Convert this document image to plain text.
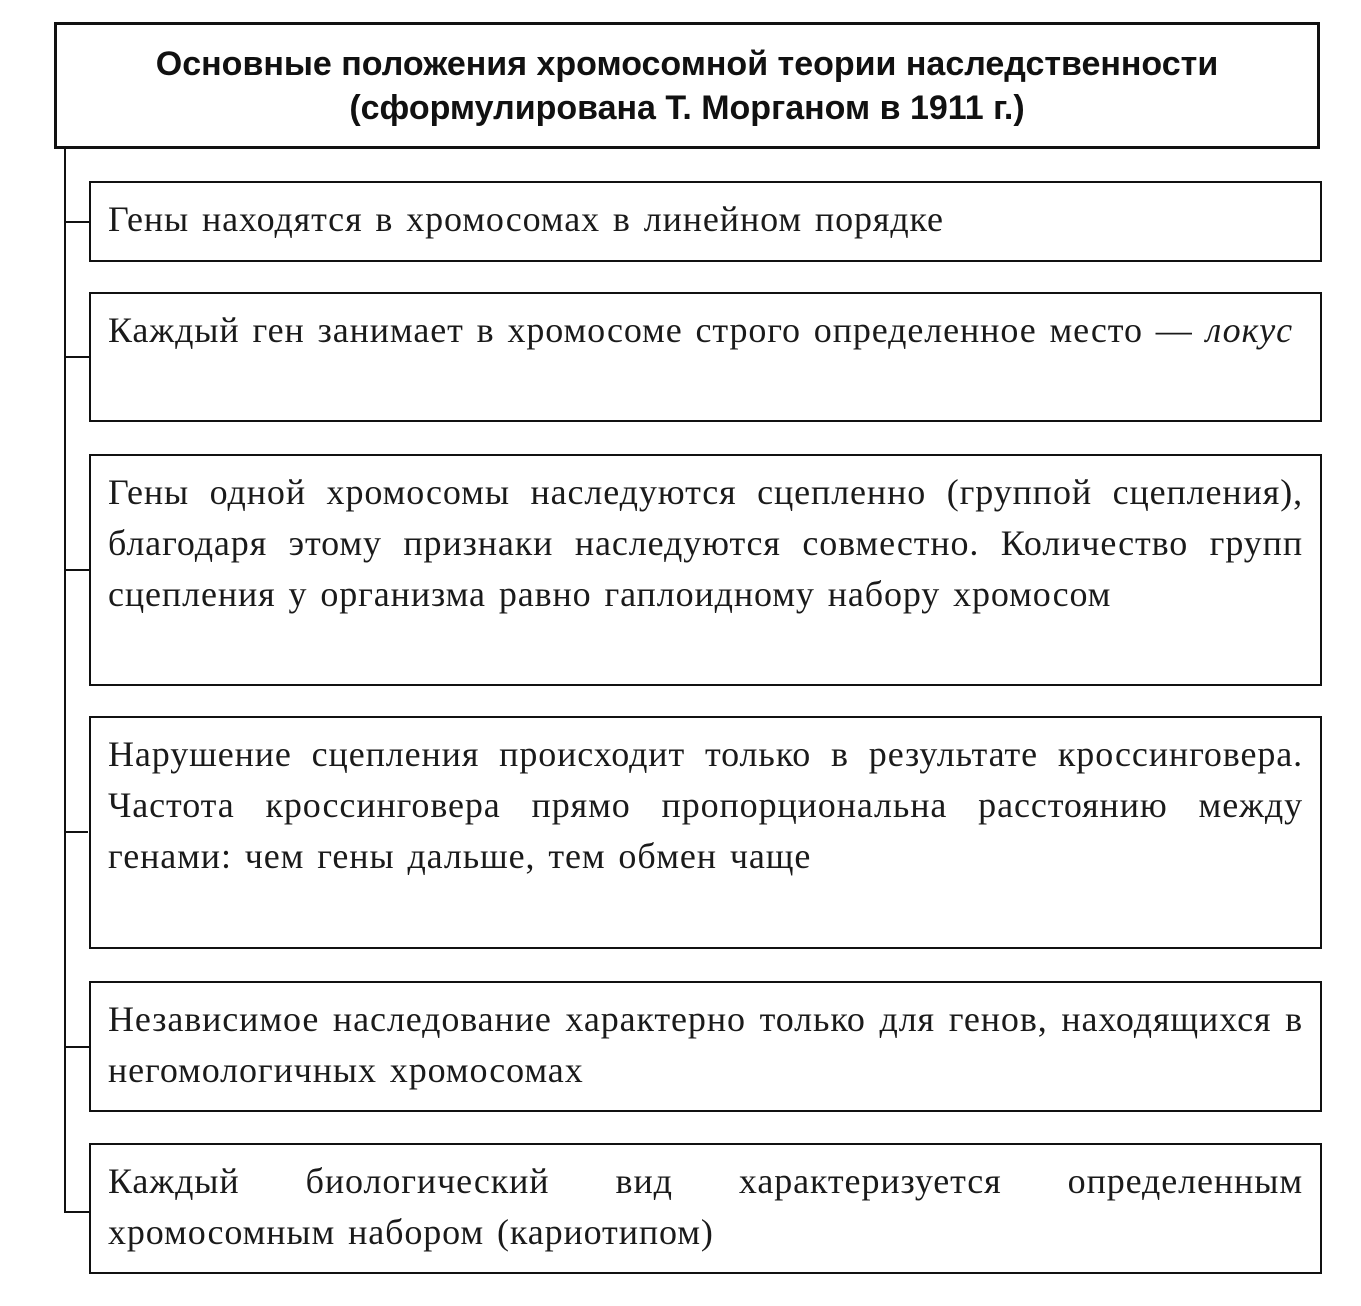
Основные положения хромосомной теории наследственности
(сформулирована Т. Морганом в 1911 г.)

Гены находятся в хромосомах в линейном порядке

Каждый ген занимает в хромосоме строго определенное место — локус

Гены одной хромосомы наследуются сцепленно (группой сцепления), благодаря этому признаки наследуются совместно. Количество групп сцепления у организма равно гаплоидному набору хромосом

Нарушение сцепления происходит только в результате кроссинговера. Частота кроссинговера прямо пропорциональна расстоянию между генами: чем гены дальше, тем обмен чаще

Независимое наследование характерно только для генов, находящихся в негомологичных хромосомах

Каждый биологический вид характеризуется определенным хромосомным набором (кариотипом)
